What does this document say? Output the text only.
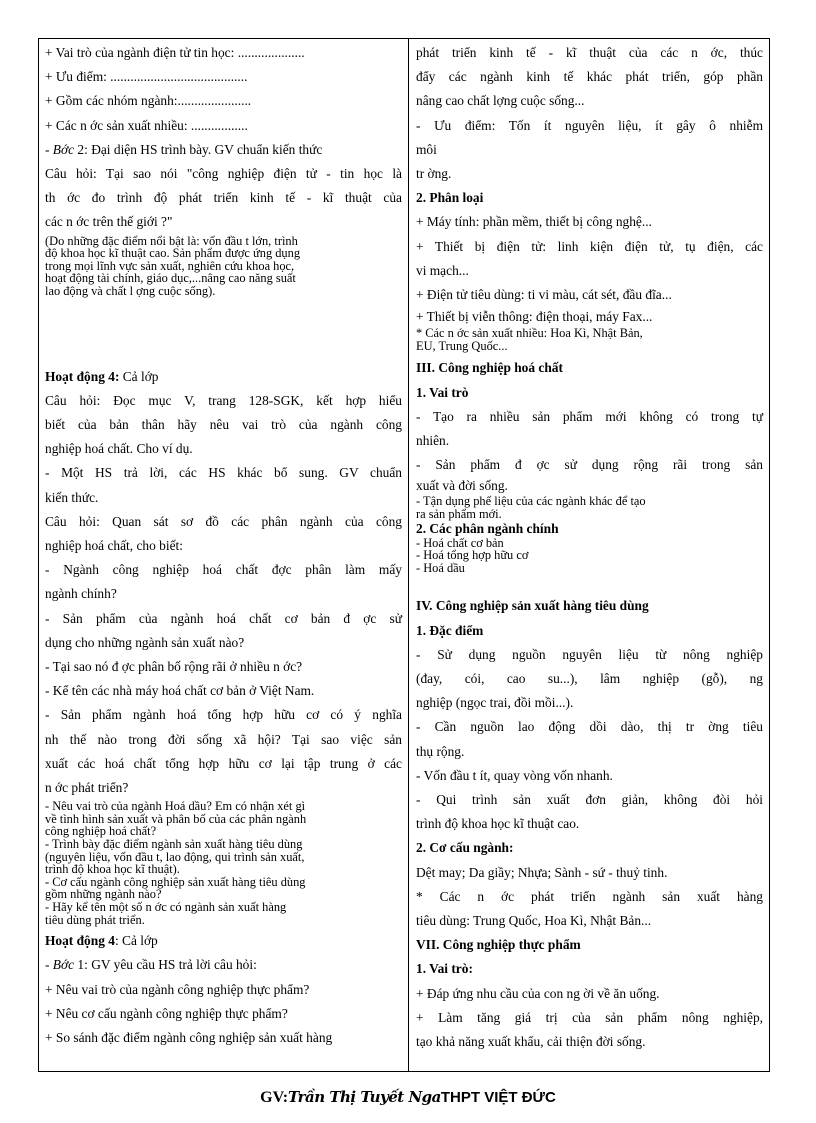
+ Vai trò của ngành điện tử tin học: ....................
+ Ưu điểm: .........................................
+ Gồm các nhóm ngành:......................
+ Các n ớc sản xuất nhiều: .................
- Bớc 2: Đại diện HS trình bày. GV chuẩn kiến thức
Câu hỏi: Tại sao nói "công nghiệp điện tử - tin học là
th ớc đo trình độ phát triển kinh tế - kĩ thuật của
các n ớc trên thế giới ?"
(Do những đặc điểm nổi bật là: vốn đầu t lớn, trình
độ khoa học kĩ thuật cao. Sản phẩm được ứng dụng
trong mọi lĩnh vực sản xuất, nghiên cứu khoa học,
hoạt động tài chính, giáo dục,...nâng cao năng suất
lao động và chất l ợng cuộc sống).
Hoạt động 4: Cả lớp
Câu hỏi: Đọc mục V, trang 128-SGK, kết hợp hiểu
biết của bản thân hãy nêu vai trò của ngành công
nghiệp hoá chất. Cho ví dụ.
- Một HS trả lời, các HS khác bổ sung. GV chuẩn
kiến thức.
Câu hỏi: Quan sát sơ đồ các phân ngành của công
nghiệp hoá chất, cho biết:
- Ngành công nghiệp hoá chất đợc phân làm mấy
ngành chính?
- Sản phẩm của ngành hoá chất cơ bản đ ợc sử
dụng cho những ngành sản xuất nào?
- Tại sao nó đ ợc phân bố rộng rãi ở nhiều n ớc?
- Kể tên các nhà máy hoá chất cơ bản ở Việt Nam.
- Sản phẩm ngành hoá tổng hợp hữu cơ có ý nghĩa
nh thế nào trong đời sống xã hội? Tại sao việc sản
xuất các hoá chất tổng hợp hữu cơ lại tập trung ở các
n ớc phát triển?
- Nêu vai trò của ngành Hoá dầu? Em có nhận xét gì
về tình hình sản xuất và phân bố của các phân ngành
công nghiệp hoá chất?
- Trình bày đặc điểm ngành sản xuất hàng tiêu dùng
(nguyên liệu, vốn đầu t, lao động, qui trình sản xuất,
trình độ khoa học kĩ thuật).
- Cơ cấu ngành công nghiệp sản xuất hàng tiêu dùng
gồm những ngành nào?
- Hãy kể tên một số n ớc có ngành sản xuất hàng
tiêu dùng phát triển.
Hoạt động 4: Cả lớp
- Bớc 1: GV yêu cầu HS trả lời câu hỏi:
+ Nêu vai trò của ngành công nghiệp thực phẩm?
+ Nêu cơ cấu ngành công nghiệp thực phẩm?
+ So sánh đặc điểm ngành công nghiệp sản xuất hàng
phát triển kinh tế - kĩ thuật của các n ớc, thúc
đẩy các ngành kinh tế khác phát triển, góp phần
nâng cao chất lợng cuộc sống...
- Ưu điểm: Tốn ít nguyên liệu, ít gây ô nhiễm
môi
tr ờng.
2. Phân loại
+ Máy tính: phần mềm, thiết bị công nghệ...
+ Thiết bị điện tử: linh kiện điện tử, tụ điện, các
vi mạch...
+ Điện tử tiêu dùng: ti vi màu, cát sét, đầu đĩa...
+ Thiết bị viễn thông: điện thoại, máy Fax...
* Các n ớc sản xuất nhiều: Hoa Kì, Nhật Bản,
EU, Trung Quốc...
III. Công nghiệp hoá chất
1. Vai trò
- Tạo ra nhiều sản phẩm mới không có trong tự
nhiên.
- Sản phẩm đ ợc sử dụng rộng rãi trong sản
xuất và đời sống.
- Tận dụng phế liệu của các ngành khác để tạo
ra sản phẩm mới.
2. Các phân ngành chính
- Hoá chất cơ bản
- Hoá tổng hợp hữu cơ
- Hoá dầu
IV. Công nghiệp sản xuất hàng tiêu dùng
1. Đặc điểm
- Sử dụng nguồn nguyên liệu từ nông nghiệp
(đay, cói, cao su...), lâm nghiệp (gỗ), ng
nghiệp (ngọc trai, đồi mồi...).
- Cần nguồn lao động dồi dào, thị tr ờng tiêu
thụ rộng.
- Vốn đầu t ít, quay vòng vốn nhanh.
- Qui trình sản xuất đơn giản, không đòi hỏi
trình độ khoa học kĩ thuật cao.
2. Cơ cấu ngành:
Dệt may; Da giầy; Nhựa; Sành - sứ - thuỷ tinh.
* Các n ớc phát triển ngành sản xuất hàng
tiêu dùng: Trung Quốc, Hoa Kì, Nhật Bản...
VII. Công nghiệp thực phẩm
1. Vai trò:
+ Đáp ứng nhu cầu của con ng ời về ăn uống.
+ Làm tăng giá trị của sản phẩm nông nghiệp,
tạo khả năng xuất khẩu, cải thiện đời sống.
GV:Trần Thị Tuyết NgaTHPT VIỆT ĐỨC
